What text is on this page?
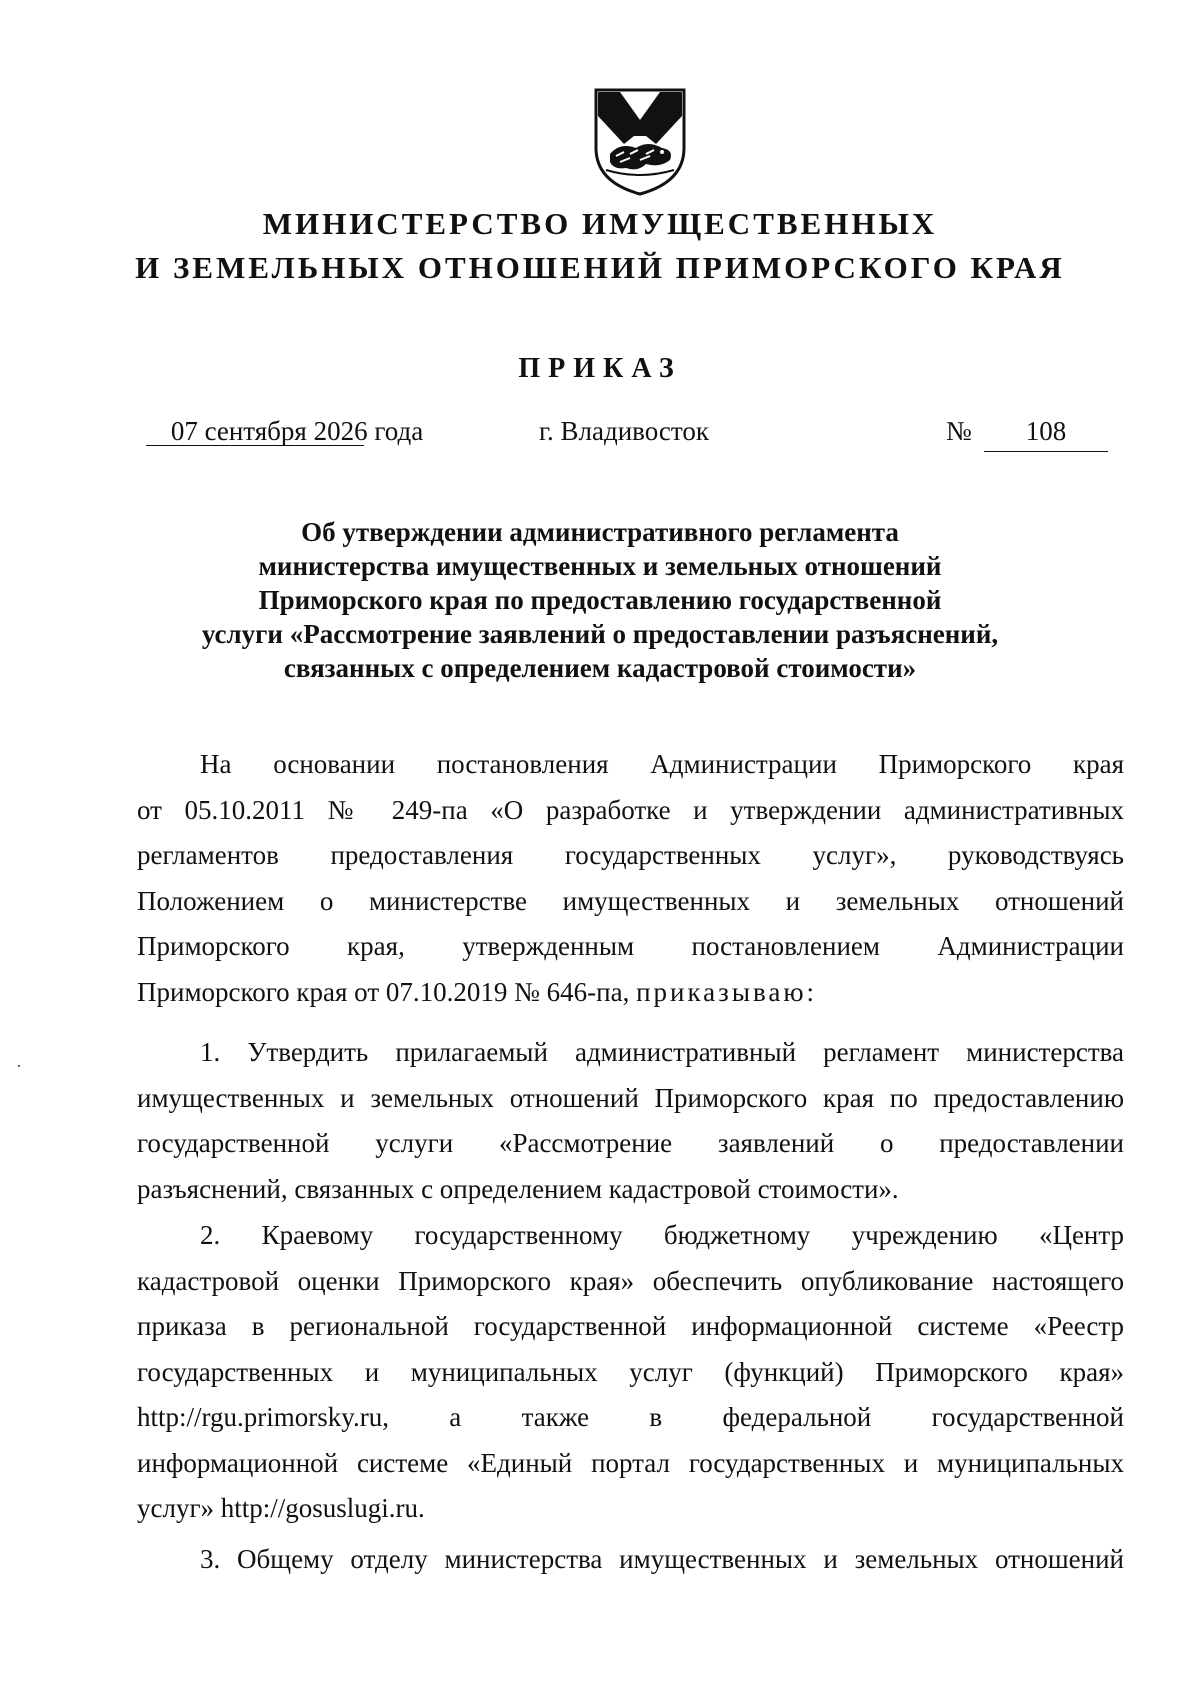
МИНИСТЕРСТВО ИМУЩЕСТВЕННЫХ
И ЗЕМЕЛЬНЫХ ОТНОШЕНИЙ ПРИМОРСКОГО КРАЯ
ПРИКАЗ
07 сентября 2026 года	г. Владивосток	№	108
Об утверждении административного регламента
министерства имущественных и земельных отношений
Приморского края по предоставлению государственной
услуги «Рассмотрение заявлений о предоставлении разъяснений,
связанных с определением кадастровой стоимости»

На основании постановления Администрации Приморского края
от 05.10.2011 № 249-па «О разработке и утверждении административных
регламентов предоставления государственных услуг», руководствуясь
Положением о министерстве имущественных и земельных отношений
Приморского края, утвержденным постановлением Администрации
Приморского края от 07.10.2019 № 646-па, приказываю:

1. Утвердить прилагаемый административный регламент министерства
имущественных и земельных отношений Приморского края по предоставлению
государственной услуги «Рассмотрение заявлений о предоставлении
разъяснений, связанных с определением кадастровой стоимости».

2. Краевому государственному бюджетному учреждению «Центр
кадастровой оценки Приморского края» обеспечить опубликование настоящего
приказа в региональной государственной информационной системе «Реестр
государственных и муниципальных услуг (функций) Приморского края»
http://rgu.primorsky.ru, а также в федеральной государственной
информационной системе «Единый портал государственных и муниципальных
услуг» http://gosuslugi.ru.

3. Общему отделу министерства имущественных и земельных отношений
